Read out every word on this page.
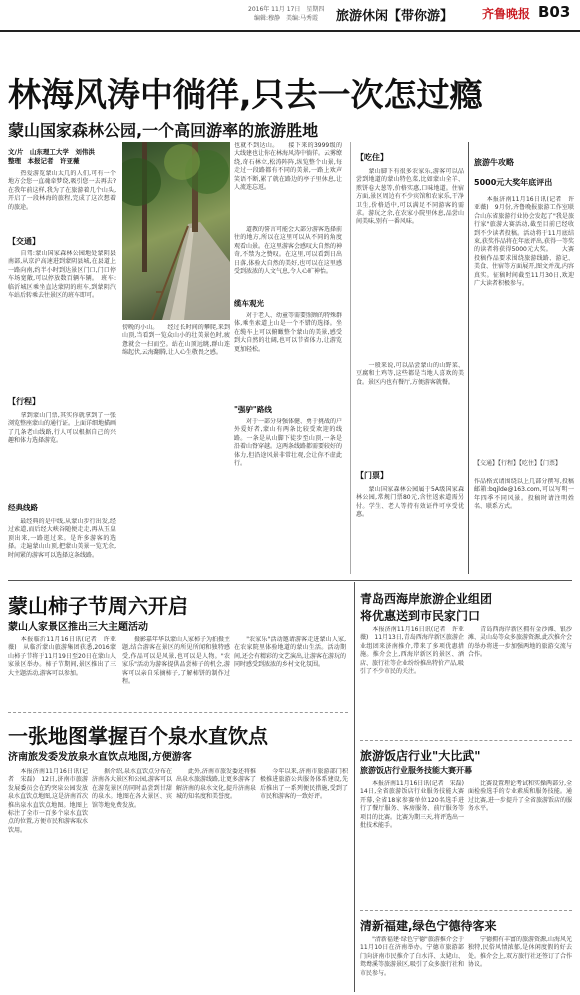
2016年 11月 17日　星期四
编辑:穆静　美编:马秀霞 旅游休闲【带你游】 齐鲁晚报 B03
林海风涛中徜徉,只去一次怎过瘾
蒙山国家森林公园,一个高回游率的旅游胜地
文/片　山东理工大学　刘伟洪
整理　本报记者　许亚薇
　　热爱游览蒙山太几的人们,可有一个地方会您一直魂牵梦绕,吸引您一去再去?在我年前这样,我为了在旅游着几个山头,开启了一段林海的旅程,完成了这次想着的旅途。
【交通】
　　自驾:蒙山国家森林公园地处蒙阴县南部,从京沪高速进到蒙阴县城,在县道上一路向南,约半小时到达景区门口,门口停车场宽敞,可以停放数百辆车辆。　班车:临沂城区乘坐直达蒙阴的班车,到蒙阴汽车站后转乘去往景区的班车即可。
【行程】
　　拿到蒙山门票,其实你就拿到了一张浏览整座蒙山的通行证。上面详细地描画了几条老山线路,行人可以根据自己的兴趣和体力选择游览。
经典线路
　　最经典的是中线,从蒙山步行出发,经过索道,而后经大峡谷随便走走,再从玉皇顶出来,一路逛过来。是许多游客的选择。走遍蒙山山顶,把蒙山美景一览无余,时间紧的游客可以选择这条线路。
傍晚的小山。　　经过长时间的攀爬,来到山顶,当看到一览众山小的壮美景色时,疲惫就会一扫而空。站在山顶远眺,群山连绵起伏,云海翻腾,让人心生敬畏之感。
也就不到达山。　　接下来的3999级的大线建也让你在林海风涛中徜徉。云雾缭绕,奇石林立,松涛阵阵,纵览整个山景,每走过一段路都有不同的美景,一路上欢声笑语不断,累了就在路边的亭子里休息,让人流连忘返。
　　道教的誓言可能会大部分游客选择前往的地方,所以在这里可以从不同的角度观看山景。在这里游客会感叹大自然的神奇,不禁为之赞叹。在这里,可以看到日出日落,体验大自然的美好,也可以在这里感受到浓浓的人文气息,令人心旷神怡。
缆车观光
　　对于老人、幼童等需要照顾的特殊群体,乘坐索道上山是一个不错的选择。坐在缆车上可以俯瞰整个蒙山的美景,感受到大自然的壮阔,也可以节省体力,让游览更加轻松。
"强驴"路线
　　对于一部分身强体健、勇于挑战的户外爱好者,蒙山有两条比较受欢迎的线路。一条是从山脚下徒步至山顶,一条是沿着山脊穿越。这两条线路都需要较好的体力,但沿途风景非常壮观,会让你不虚此行。
【吃住】
　　蒙山脚下有很多农家乐,游客可以品尝到地道的蒙山特色菜,比如蒙山全羊、煎饼卷大葱等,价格实惠,口味地道。住宿方面,景区周边有不少宾馆和农家乐,干净卫生,价格适中,可以满足不同游客的需求。游玩之余,在农家小院里休息,品尝山间美味,别有一番风味。
　　一般来说,可以品尝蒙山的山野菜、豆腐和土鸡等,这些都是当地人喜欢的美食。景区内也有餐厅,方便游客就餐。
【门票】
　　蒙山国家森林公园属于5A级国家森林公园,常规门票80元,含往返索道需另付。学生、老人等持有效证件可享受优惠。
旅游牛攻略
5000元大奖年底评出
　　本报济南11月16日讯(记者　许亚薇)　9月份,齐鲁晚报旅游工作室联合山东省旅游行业协会发起了"我是旅行家"旅游大赛活动,截至目前已经收到不少读者投稿。活动将于11月底结束,获奖作品将在年底评出,获得一等奖的读者将获得5000元大奖。　　大赛投稿作品要求围绕旅游线路、游记、美食、住宿等方面展开,图文并茂,内容真实。征稿时间截至11月30日,欢迎广大读者积极参与。
【交通】【行程】【吃住】【门票】
作品格式请围绕以上几部分撰写,投稿邮箱:bqjlde@163.com,可以写明一年四季不同风景。投稿时请注明姓名、联系方式。
蒙山柿子节周六开启
蒙山人家景区推出三大主题活动
　　本报临沂11月16日讯(记者　许亚薇)　从临沂蒙山旅游集团获悉,2016蒙山柿子节将于11月19日至20日在蒙山人家景区举办。柿子节期间,景区推出了三大主题活动,游客可以参加。
　　摄影嘉年华以蒙山人家柿子为拍摄主题,结合游客在景区的所见所闻和独特感受,作品可以是风景,也可以是人物。"农家乐"活动为游客提供品尝柿子的机会,游客可以亲自采摘柿子,了解柿饼的制作过程。
　　"农家乐"活动邀请游客走进蒙山人家,在农家院里体验地道的蒙山生活。活动期间,还会有精彩的文艺演出,让游客在游玩的同时感受到浓浓的乡村文化氛围。
一张地图掌握百个泉水直饮点
济南旅发委发放泉水直饮点地图,方便游客
　　本报济南11月16日讯(记者　宋磊)　12日,济南市旅游发展委员会在趵突泉公园发放泉水直饮点地图,这是济南首次推出泉水直饮点地图。地图上标注了全市一百多个泉水直饮点的位置,方便市民和游客取水饮用。
　　据介绍,泉水直饮点分布在济南各大景区和公园,游客可以在游览景区的同时品尝到甘甜的泉水。地图在各大景区、宾馆等地免费发放。
　　此外,济南市旅发委还将推出泉水旅游线路,让更多游客了解济南的泉水文化,提升济南泉城的知名度和美誉度。
　　今年以来,济南市旅游部门积极推进旅游公共服务体系建设,先后推出了一系列便民措施,受到了市民和游客的一致好评。
青岛西海岸旅游企业组团
将优惠送到市民家门口
　　本报济南11月16日讯(记者　许亚薇)　11月13日,青岛西海岸新区旅游企业组团来济南推介,带来了多项优惠措施。推介会上,西海岸新区的景区、酒店、旅行社等企业纷纷推出特价产品,吸引了不少市民的关注。
　　青岛西海岸新区拥有金沙滩、银沙滩、灵山岛等众多旅游资源,此次推介会的举办将进一步加强两地的旅游交流与合作。
旅游饭店行业"大比武"
旅游饭店行业服务技能大赛开幕
　　本报济南11月16日讯(记者　宋磊)　14日,全省旅游饭店行业服务技能大赛开幕,全省18家参赛单位120名选手进行了餐厅服务、客房服务、前厅服务等项目的比赛。比赛为期三天,将评选出一批技术能手。
　　比赛设置理论考试和实操两部分,全面检验选手的专业素质和服务技能。通过比赛,进一步提升了全省旅游饭店的服务水平。
清新福建,绿色宁德待客来
　　"清新福建·绿色宁德"旅游推介会于11月10日在济南举办。宁德市旅游部门向济南市民推介了白水洋、太姥山、鸳鸯溪等旅游景区,吸引了众多旅行社和市民参与。
　　宁德拥有丰富的旅游资源,山海风光独特,民俗风情浓郁,是休闲度假的好去处。推介会上,双方旅行社还签订了合作协议。
